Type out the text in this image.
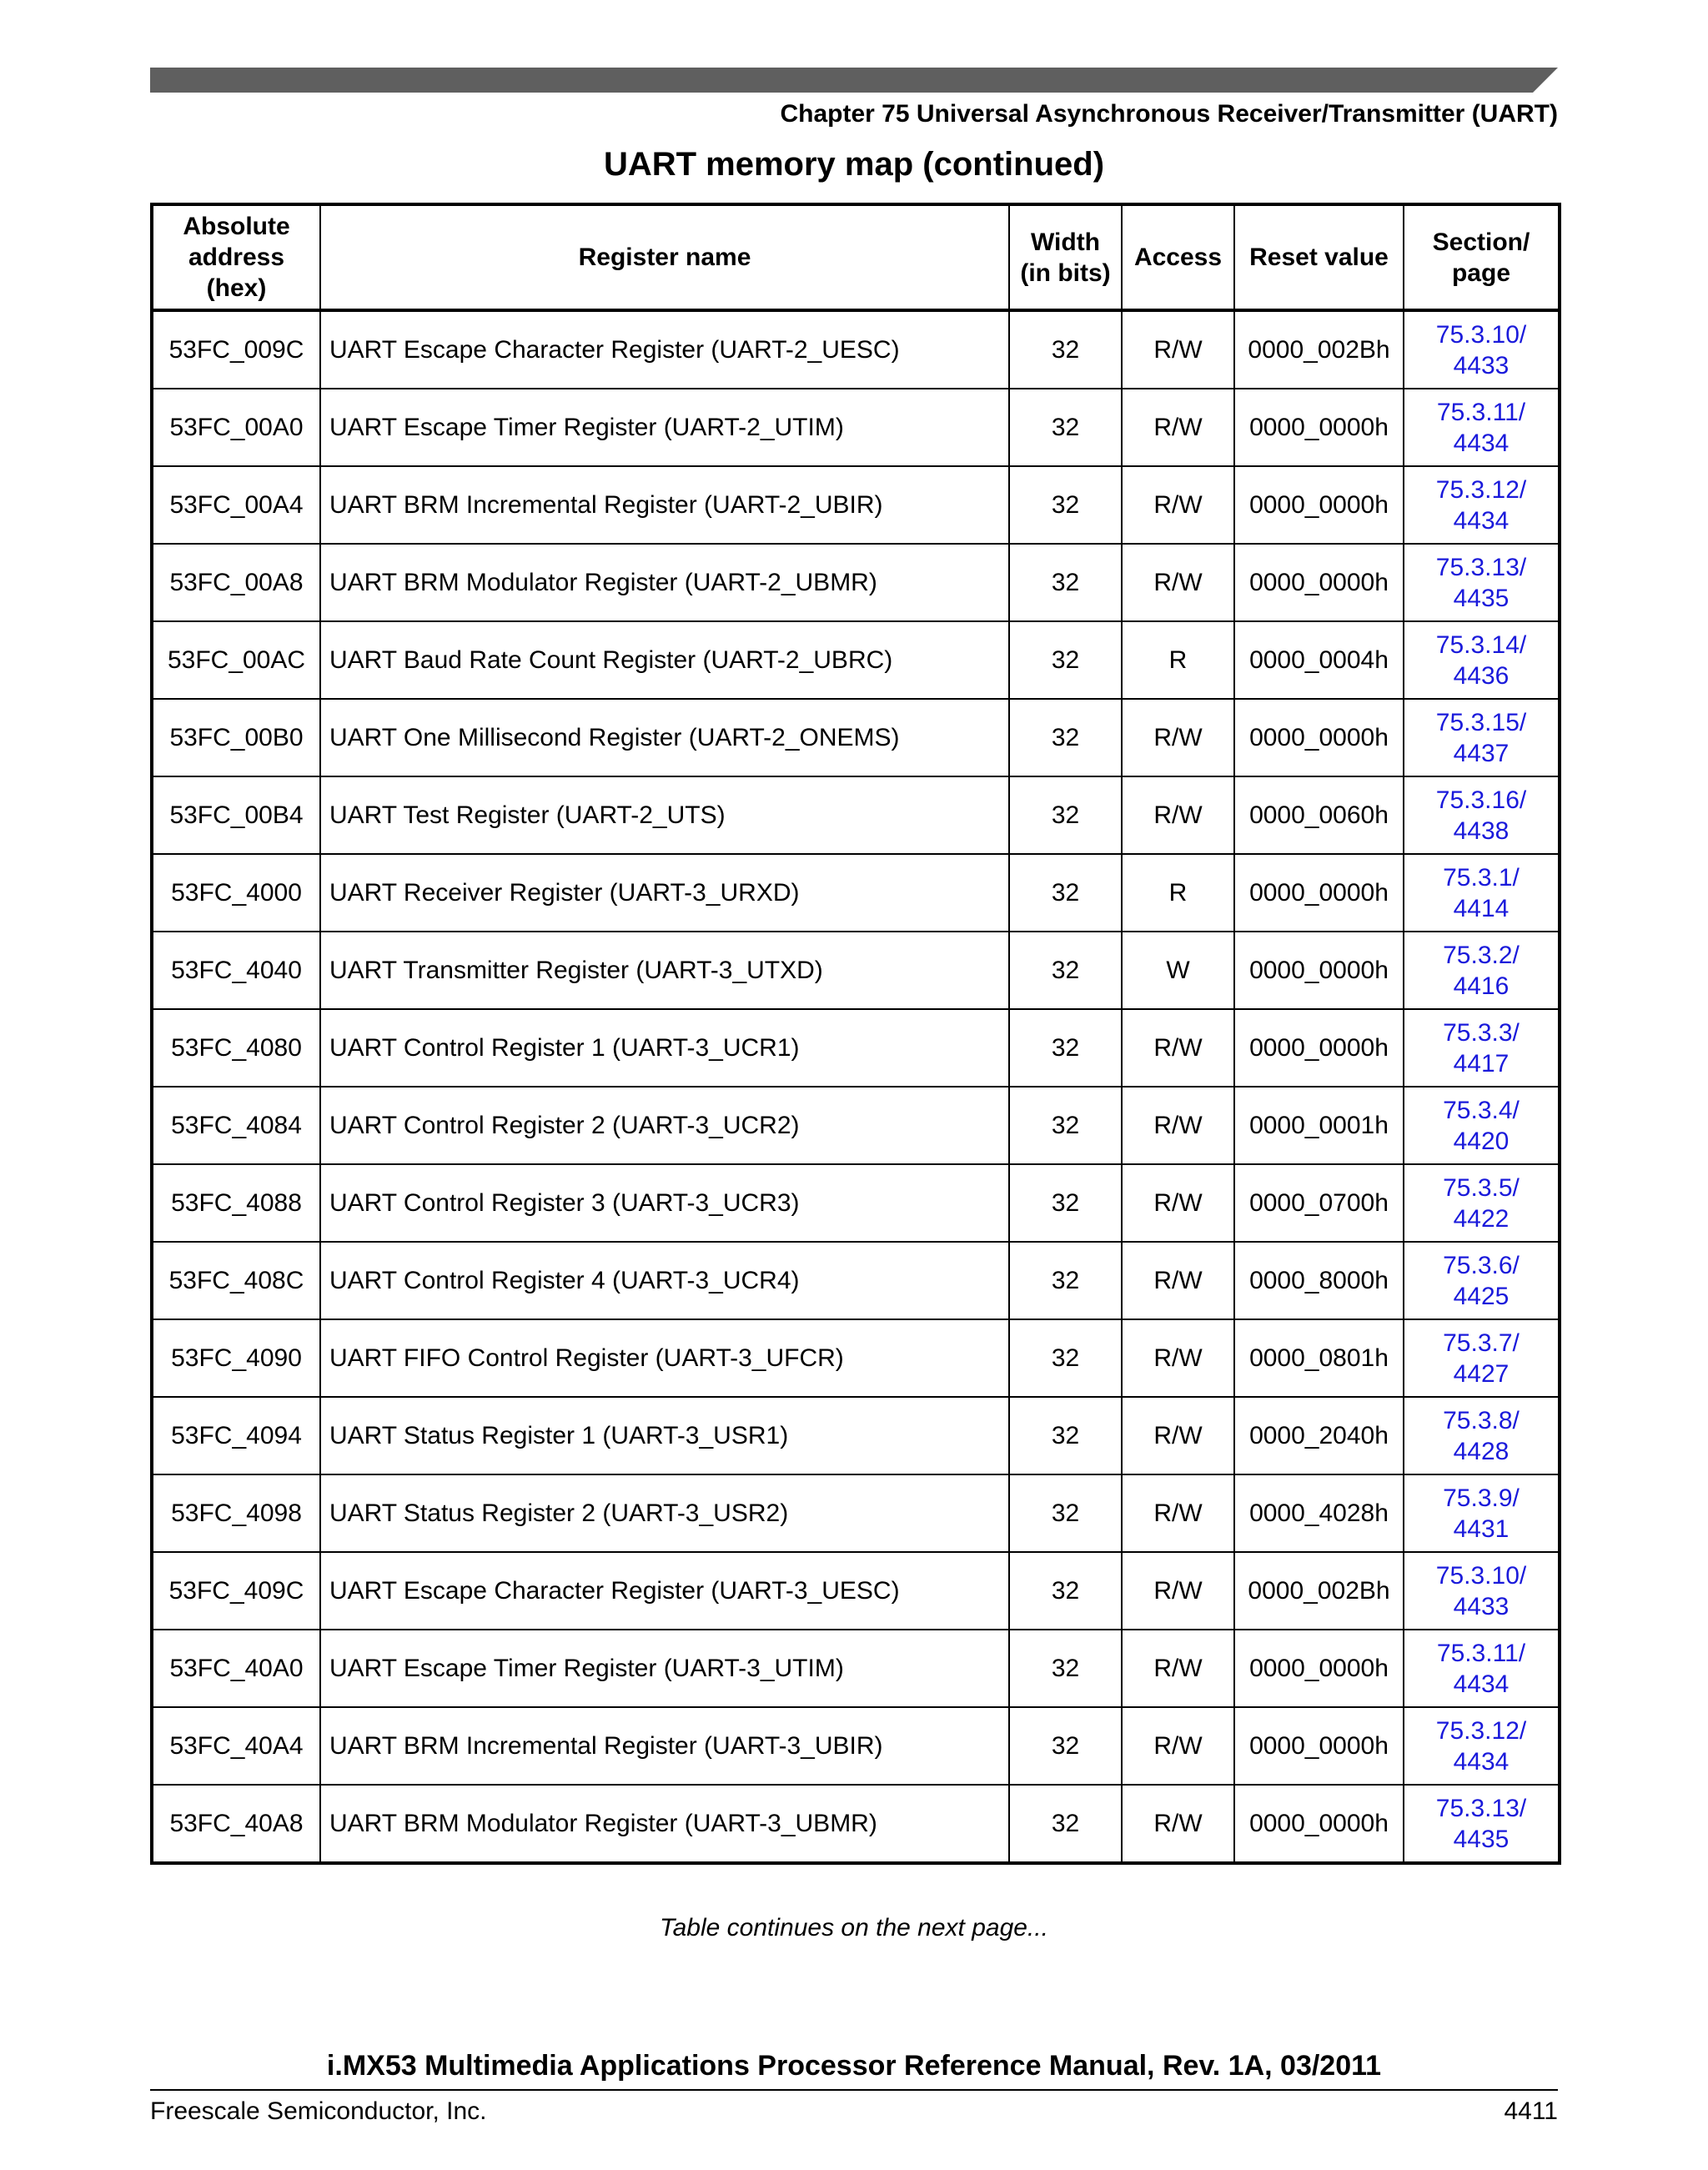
Chapter 75 Universal Asynchronous Receiver/Transmitter (UART)
UART memory map (continued)
Absolute address (hex)	Register name	Width (in bits)	Access	Reset value	Section/ page
53FC_009C	UART Escape Character Register (UART-2_UESC)	32	R/W	0000_002Bh	75.3.10/
4433

53FC_00A0	UART Escape Timer Register (UART-2_UTIM)	32	R/W	0000_0000h	75.3.11/
4434

53FC_00A4	UART BRM Incremental Register (UART-2_UBIR)	32	R/W	0000_0000h	75.3.12/
4434

53FC_00A8	UART BRM Modulator Register (UART-2_UBMR)	32	R/W	0000_0000h	75.3.13/
4435

53FC_00AC	UART Baud Rate Count Register (UART-2_UBRC)	32	R	0000_0004h	75.3.14/
4436

53FC_00B0	UART One Millisecond Register (UART-2_ONEMS)	32	R/W	0000_0000h	75.3.15/
4437

53FC_00B4	UART Test Register (UART-2_UTS)	32	R/W	0000_0060h	75.3.16/
4438

53FC_4000	UART Receiver Register (UART-3_URXD)	32	R	0000_0000h	75.3.1/
4414

53FC_4040	UART Transmitter Register (UART-3_UTXD)	32	W	0000_0000h	75.3.2/
4416

53FC_4080	UART Control Register 1 (UART-3_UCR1)	32	R/W	0000_0000h	75.3.3/
4417

53FC_4084	UART Control Register 2 (UART-3_UCR2)	32	R/W	0000_0001h	75.3.4/
4420

53FC_4088	UART Control Register 3 (UART-3_UCR3)	32	R/W	0000_0700h	75.3.5/
4422

53FC_408C	UART Control Register 4 (UART-3_UCR4)	32	R/W	0000_8000h	75.3.6/
4425

53FC_4090	UART FIFO Control Register (UART-3_UFCR)	32	R/W	0000_0801h	75.3.7/
4427

53FC_4094	UART Status Register 1 (UART-3_USR1)	32	R/W	0000_2040h	75.3.8/
4428

53FC_4098	UART Status Register 2 (UART-3_USR2)	32	R/W	0000_4028h	75.3.9/
4431

53FC_409C	UART Escape Character Register (UART-3_UESC)	32	R/W	0000_002Bh	75.3.10/
4433

53FC_40A0	UART Escape Timer Register (UART-3_UTIM)	32	R/W	0000_0000h	75.3.11/
4434

53FC_40A4	UART BRM Incremental Register (UART-3_UBIR)	32	R/W	0000_0000h	75.3.12/
4434

53FC_40A8	UART BRM Modulator Register (UART-3_UBMR)	32	R/W	0000_0000h	75.3.13/
4435
Table continues on the next page...
i.MX53 Multimedia Applications Processor Reference Manual, Rev. 1A, 03/2011
Freescale Semiconductor, Inc.	4411
